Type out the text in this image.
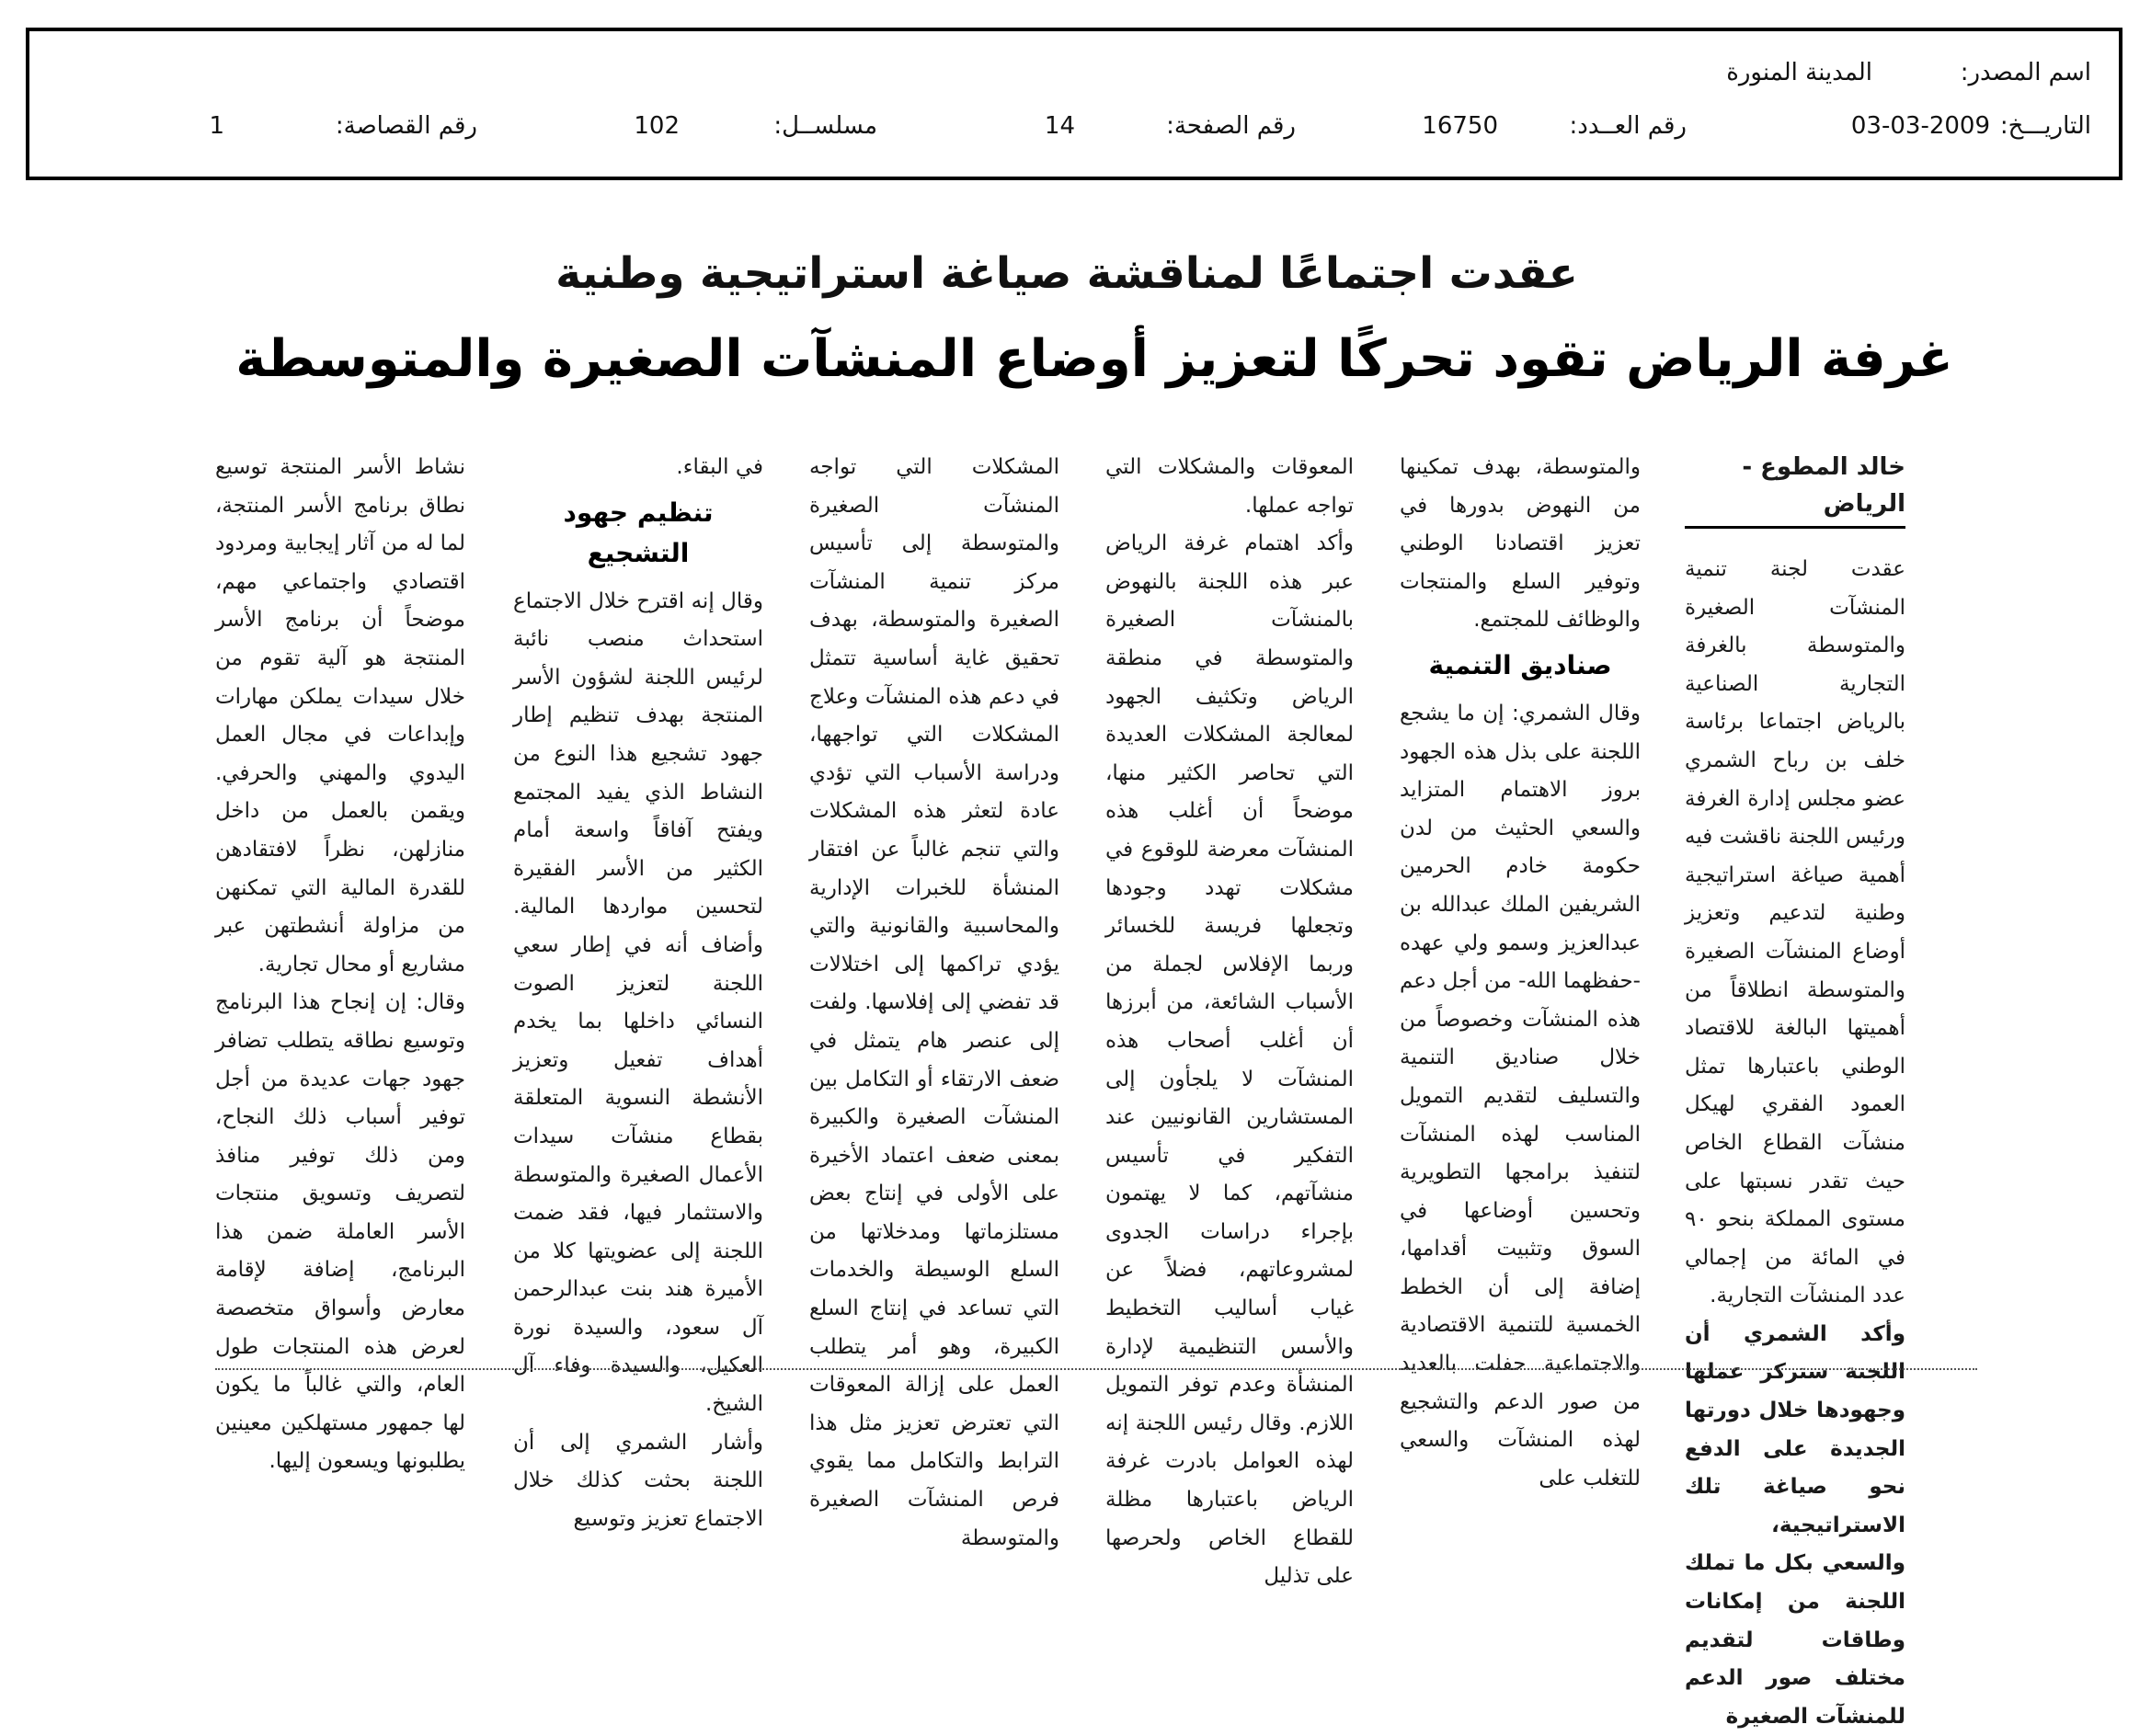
اسم المصدر:
المدينة المنورة
التاريـــخ:
03-03-2009
رقم العــدد:
16750
رقم الصفحة:
14
مسلســل:
102
رقم القصاصة:
1
عقدت اجتماعًا لمناقشة صياغة استراتيجية وطنية
غرفة الرياض تقود تحركًا لتعزيز أوضاع المنشآت الصغيرة والمتوسطة
خالد المطوع - الرياض

عقدت لجنة تنمية المنشآت الصغيرة والمتوسطة بالغرفة التجارية الصناعية بالرياض اجتماعا برئاسة خلف بن رباح الشمري عضو مجلس إدارة الغرفة ورئيس اللجنة ناقشت فيه أهمية صياغة استراتيجية وطنية لتدعيم وتعزيز أوضاع المنشآت الصغيرة والمتوسطة انطلاقاً من أهميتها البالغة للاقتصاد الوطني باعتبارها تمثل العمود الفقري لهيكل منشآت القطاع الخاص حيث تقدر نسبتها على مستوى المملكة بنحو ٩٠ في المائة من إجمالي عدد المنشآت التجارية.

وأكد الشمري أن اللجنة ستركز عملها وجهودها خلال دورتها الجديدة على الدفع نحو صياغة تلك الاستراتيجية، والسعي بكل ما تملك اللجنة من إمكانات وطاقات لتقديم مختلف صور الدعم للمنشآت الصغيرة

والمتوسطة، بهدف تمكينها من النهوض بدورها في تعزيز اقتصادنا الوطني وتوفير السلع والمنتجات والوظائف للمجتمع.

صناديق التنمية

وقال الشمري: إن ما يشجع اللجنة على بذل هذه الجهود بروز الاهتمام المتزايد والسعي الحثيث من لدن حكومة خادم الحرمين الشريفين الملك عبدالله بن عبدالعزيز وسمو ولي عهده -حفظهما الله- من أجل دعم هذه المنشآت وخصوصاً من خلال صناديق التنمية والتسليف لتقديم التمويل المناسب لهذه المنشآت لتنفيذ برامجها التطويرية وتحسين أوضاعها في السوق وتثبيت أقدامها، إضافة إلى أن الخطط الخمسية للتنمية الاقتصادية والاجتماعية حفلت بالعديد من صور الدعم والتشجيع لهذه المنشآت والسعي للتغلب على

المعوقات والمشكلات التي تواجه عملها.

وأكد اهتمام غرفة الرياض عبر هذه اللجنة بالنهوض بالمنشآت الصغيرة والمتوسطة في منطقة الرياض وتكثيف الجهود لمعالجة المشكلات العديدة التي تحاصر الكثير منها، موضحاً أن أغلب هذه المنشآت معرضة للوقوع في مشكلات تهدد وجودها وتجعلها فريسة للخسائر وربما الإفلاس لجملة من الأسباب الشائعة، من أبرزها أن أغلب أصحاب هذه المنشآت لا يلجأون إلى المستشارين القانونيين عند التفكير في تأسيس منشآتهم، كما لا يهتمون بإجراء دراسات الجدوى لمشروعاتهم، فضلاً عن غياب أساليب التخطيط والأسس التنظيمية لإدارة المنشأة وعدم توفر التمويل اللازم. وقال رئيس اللجنة إنه لهذه العوامل بادرت غرفة الرياض باعتبارها مظلة للقطاع الخاص ولحرصها على تذليل

المشكلات التي تواجه المنشآت الصغيرة والمتوسطة إلى تأسيس مركز تنمية المنشآت الصغيرة والمتوسطة، بهدف تحقيق غاية أساسية تتمثل في دعم هذه المنشآت وعلاج المشكلات التي تواجهها، ودراسة الأسباب التي تؤدي عادة لتعثر هذه المشكلات والتي تنجم غالباً عن افتقار المنشأة للخبرات الإدارية والمحاسبية والقانونية والتي يؤدي تراكمها إلى اختلالات قد تفضي إلى إفلاسها. ولفت إلى عنصر هام يتمثل في ضعف الارتقاء أو التكامل بين المنشآت الصغيرة والكبيرة بمعنى ضعف اعتماد الأخيرة على الأولى في إنتاج بعض مستلزماتها ومدخلاتها من السلع الوسيطة والخدمات التي تساعد في إنتاج السلع الكبيرة، وهو أمر يتطلب العمل على إزالة المعوقات التي تعترض تعزيز مثل هذا الترابط والتكامل مما يقوي فرص المنشآت الصغيرة والمتوسطة

في البقاء.

تنظيم جهود التشجيع

وقال إنه اقترح خلال الاجتماع استحداث منصب نائبة لرئيس اللجنة لشؤون الأسر المنتجة بهدف تنظيم إطار جهود تشجيع هذا النوع من النشاط الذي يفيد المجتمع ويفتح آفاقاً واسعة أمام الكثير من الأسر الفقيرة لتحسين مواردها المالية. وأضاف أنه في إطار سعي اللجنة لتعزيز الصوت النسائي داخلها بما يخدم أهداف تفعيل وتعزيز الأنشطة النسوية المتعلقة بقطاع منشآت سيدات الأعمال الصغيرة والمتوسطة والاستثمار فيها، فقد ضمت اللجنة إلى عضويتها كلا من الأميرة هند بنت عبدالرحمن آل سعود، والسيدة نورة العكيل، والسيدة وفاء آل الشيخ.

وأشار الشمري إلى أن اللجنة بحثت كذلك خلال الاجتماع تعزيز وتوسيع

نشاط الأسر المنتجة توسيع نطاق برنامج الأسر المنتجة، لما له من آثار إيجابية ومردود اقتصادي واجتماعي مهم، موضحاً أن برنامج الأسر المنتجة هو آلية تقوم من خلال سيدات يملكن مهارات وإبداعات في مجال العمل اليدوي والمهني والحرفي. ويقمن بالعمل من داخل منازلهن، نظراً لافتقادهن للقدرة المالية التي تمكنهن من مزاولة أنشطتهن عبر مشاريع أو محال تجارية.

وقال: إن إنجاح هذا البرنامج وتوسيع نطاقه يتطلب تضافر جهود جهات عديدة من أجل توفير أسباب ذلك النجاح، ومن ذلك توفير منافذ لتصريف وتسويق منتجات الأسر العاملة ضمن هذا البرنامج، إضافة لإقامة معارض وأسواق متخصصة لعرض هذه المنتجات طول العام، والتي غالباً ما يكون لها جمهور مستهلكين معينين يطلبونها ويسعون إليها.
